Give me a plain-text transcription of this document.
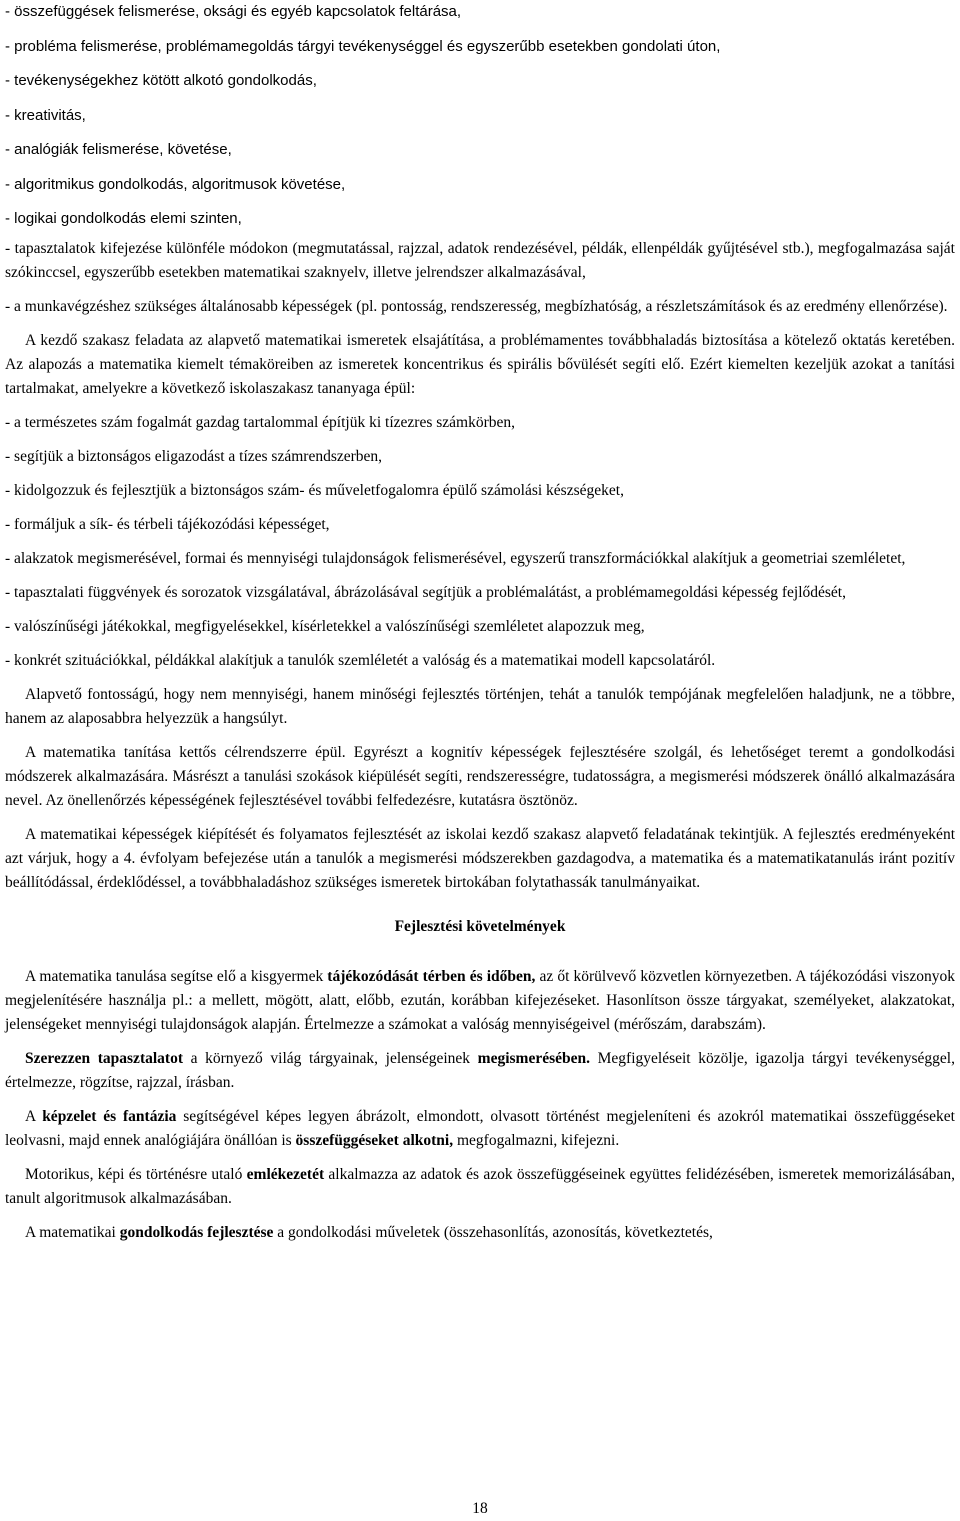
- összefüggések felismerése, oksági és egyéb kapcsolatok feltárása,

- probléma felismerése, problémamegoldás tárgyi tevékenységgel és egyszerűbb esetekben gondolati úton,

- tevékenységekhez kötött alkotó gondolkodás,

- kreativitás,

- analógiák felismerése, követése,

- algoritmikus gondolkodás, algoritmusok követése,

- logikai gondolkodás elemi szinten,

- tapasztalatok kifejezése különféle módokon (megmutatással, rajzzal, adatok rendezésével, példák, ellenpéldák gyűjtésével stb.), megfogalmazása saját szókinccsel, egyszerűbb esetekben matematikai szaknyelv, illetve jelrendszer alkalmazásával,

- a munkavégzéshez szükséges általánosabb képességek (pl. pontosság, rendszeresség, megbízhatóság, a részletszámítások és az eredmény ellenőrzése).

A kezdő szakasz feladata az alapvető matematikai ismeretek elsajátítása, a problémamentes továbbhaladás biztosítása a kötelező oktatás keretében. Az alapozás a matematika kiemelt témaköreiben az ismeretek koncentrikus és spirális bővülését segíti elő. Ezért kiemelten kezeljük azokat a tanítási tartalmakat, amelyekre a következő iskolaszakasz tananyaga épül:

- a természetes szám fogalmát gazdag tartalommal építjük ki tízezres számkörben,

- segítjük a biztonságos eligazodást a tízes számrendszerben,

- kidolgozzuk és fejlesztjük a biztonságos szám- és műveletfogalomra épülő számolási készségeket,

- formáljuk a sík- és térbeli tájékozódási képességet,

- alakzatok megismerésével, formai és mennyiségi tulajdonságok felismerésével, egyszerű transzformációkkal alakítjuk a geometriai szemléletet,

- tapasztalati függvények és sorozatok vizsgálatával, ábrázolásával segítjük a problémalátást, a problémamegoldási képesség fejlődését,

- valószínűségi játékokkal, megfigyelésekkel, kísérletekkel a valószínűségi szemléletet alapozzuk meg,

- konkrét szituációkkal, példákkal alakítjuk a tanulók szemléletét a valóság és a matematikai modell kapcsolatáról.

Alapvető fontosságú, hogy nem mennyiségi, hanem minőségi fejlesztés történjen, tehát a tanulók tempójának megfelelően haladjunk, ne a többre, hanem az alaposabbra helyezzük a hangsúlyt.

A matematika tanítása kettős célrendszerre épül. Egyrészt a kognitív képességek fejlesztésére szolgál, és lehetőséget teremt a gondolkodási módszerek alkalmazására. Másrészt a tanulási szokások kiépülését segíti, rendszerességre, tudatosságra, a megismerési módszerek önálló alkalmazására nevel. Az önellenőrzés képességének fejlesztésével további felfedezésre, kutatásra ösztönöz.

A matematikai képességek kiépítését és folyamatos fejlesztését az iskolai kezdő szakasz alapvető feladatának tekintjük. A fejlesztés eredményeként azt várjuk, hogy a 4. évfolyam befejezése után a tanulók a megismerési módszerekben gazdagodva, a matematika és a matematikatanulás iránt pozitív beállítódással, érdeklődéssel, a továbbhaladáshoz szükséges ismeretek birtokában folytathassák tanulmányaikat.

Fejlesztési követelmények

A matematika tanulása segítse elő a kisgyermek tájékozódását térben és időben, az őt körülvevő közvetlen környezetben. A tájékozódási viszonyok megjelenítésére használja pl.: a mellett, mögött, alatt, előbb, ezután, korábban kifejezéseket. Hasonlítson össze tárgyakat, személyeket, alakzatokat, jelenségeket mennyiségi tulajdonságok alapján. Értelmezze a számokat a valóság mennyiségeivel (mérőszám, darabszám).

Szerezzen tapasztalatot a környező világ tárgyainak, jelenségeinek megismerésében. Megfigyeléseit közölje, igazolja tárgyi tevékenységgel, értelmezze, rögzítse, rajzzal, írásban.

A képzelet és fantázia segítségével képes legyen ábrázolt, elmondott, olvasott történést megjeleníteni és azokról matematikai összefüggéseket leolvasni, majd ennek analógiájára önállóan is összefüggéseket alkotni, megfogalmazni, kifejezni.

Motorikus, képi és történésre utaló emlékezetét alkalmazza az adatok és azok összefüggéseinek együttes felidézésében, ismeretek memorizálásában, tanult algoritmusok alkalmazásában.

A matematikai gondolkodás fejlesztése a gondolkodási műveletek (összehasonlítás, azonosítás, következtetés,

18
